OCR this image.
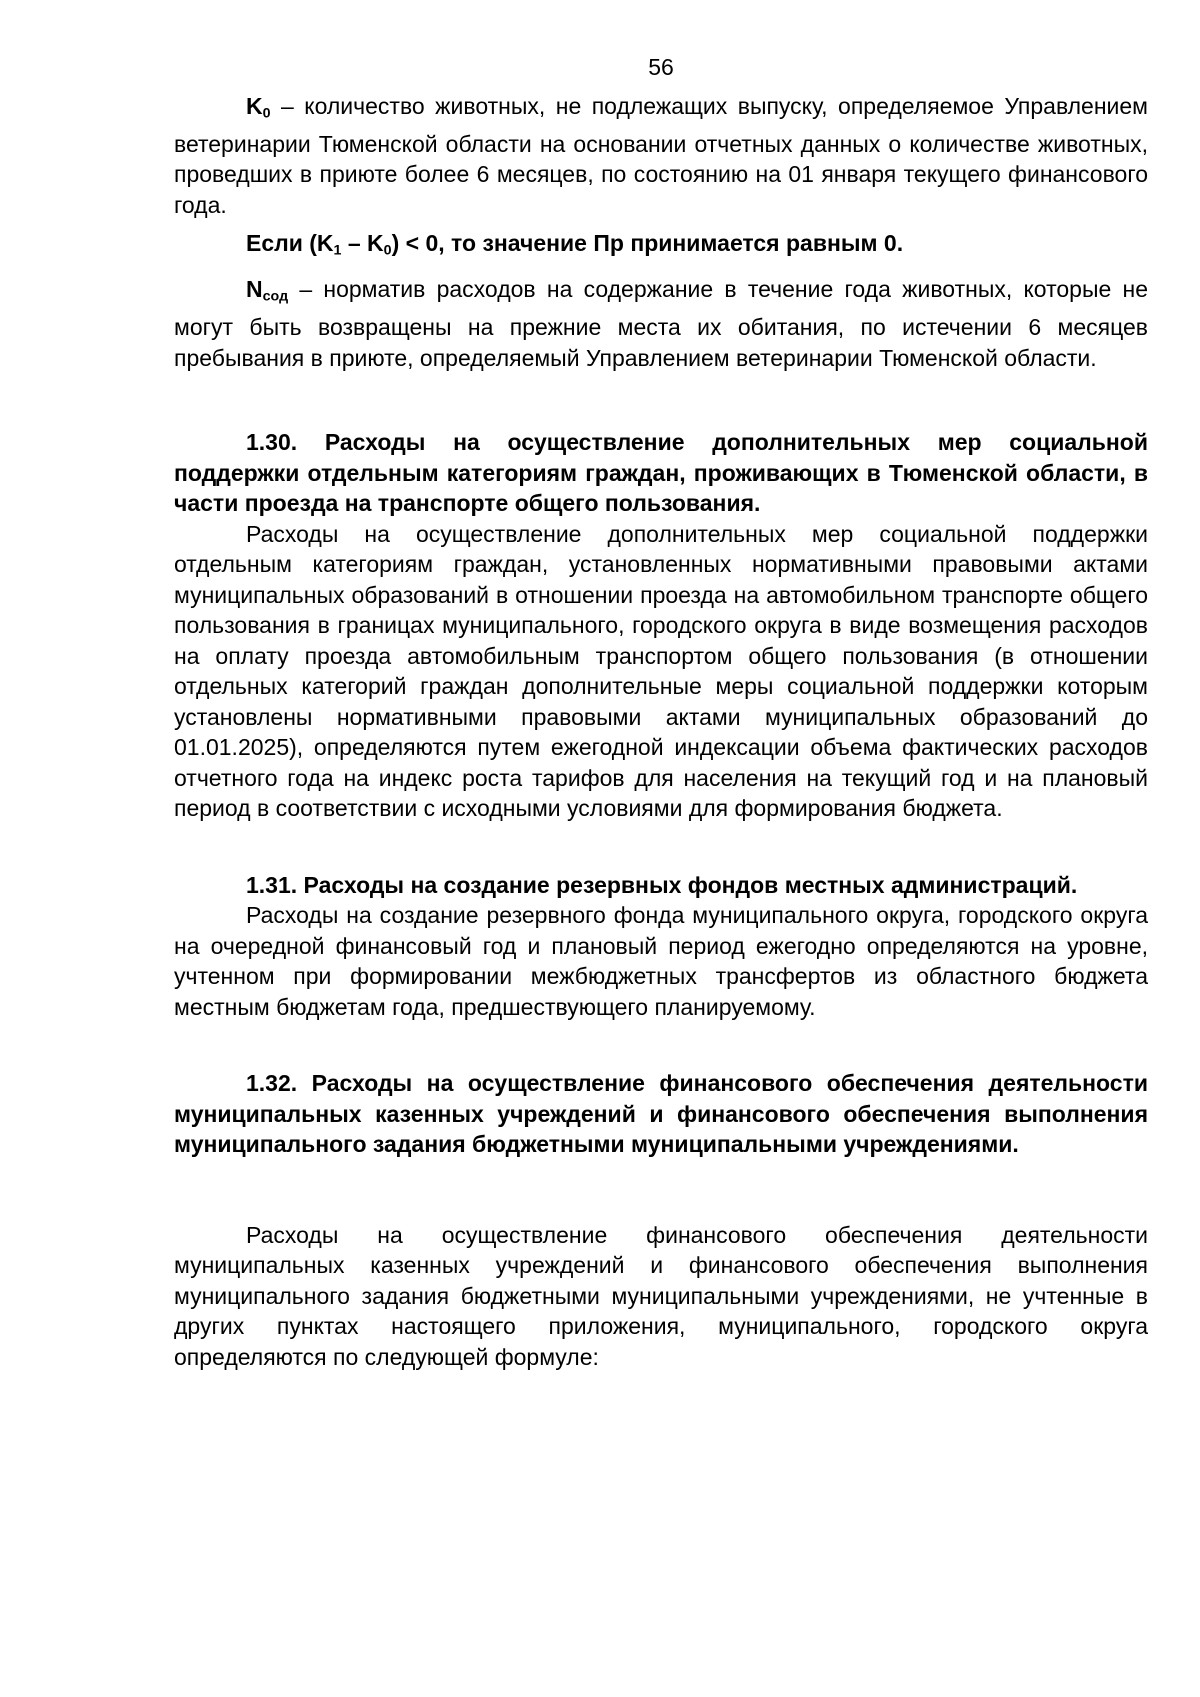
56

$K_0$ – количество животных, не подлежащих выпуску, определяемое Управлением ветеринарии Тюменской области на основании отчетных данных о количестве животных, проведших в приюте более 6 месяцев, по состоянию на 01 января текущего финансового года.

Если $(K_1 - K_0) < 0$, то значение Пр принимается равным 0.

$N_{сод}$ – норматив расходов на содержание в течение года животных, которые не могут быть возвращены на прежние места их обитания, по истечении 6 месяцев пребывания в приюте, определяемый Управлением ветеринарии Тюменской области.

1.30. Расходы на осуществление дополнительных мер социальной поддержки отдельным категориям граждан, проживающих в Тюменской области, в части проезда на транспорте общего пользования.

Расходы на осуществление дополнительных мер социальной поддержки отдельным категориям граждан, установленных нормативными правовыми актами муниципальных образований в отношении проезда на автомобильном транспорте общего пользования в границах муниципального, городского округа в виде возмещения расходов на оплату проезда автомобильным транспортом общего пользования (в отношении отдельных категорий граждан дополнительные меры социальной поддержки которым установлены нормативными правовыми актами муниципальных образований до 01.01.2025), определяются путем ежегодной индексации объема фактических расходов отчетного года на индекс роста тарифов для населения на текущий год и на плановый период в соответствии с исходными условиями для формирования бюджета.

1.31. Расходы на создание резервных фондов местных администраций.

Расходы на создание резервного фонда муниципального округа, городского округа на очередной финансовый год и плановый период ежегодно определяются на уровне, учтенном при формировании межбюджетных трансфертов из областного бюджета местным бюджетам года, предшествующего планируемому.

1.32. Расходы на осуществление финансового обеспечения деятельности муниципальных казенных учреждений и финансового обеспечения выполнения муниципального задания бюджетными муниципальными учреждениями.

Расходы на осуществление финансового обеспечения деятельности муниципальных казенных учреждений и финансового обеспечения выполнения муниципального задания бюджетными муниципальными учреждениями, не учтенные в других пунктах настоящего приложения, муниципального, городского округа определяются по следующей формуле:
